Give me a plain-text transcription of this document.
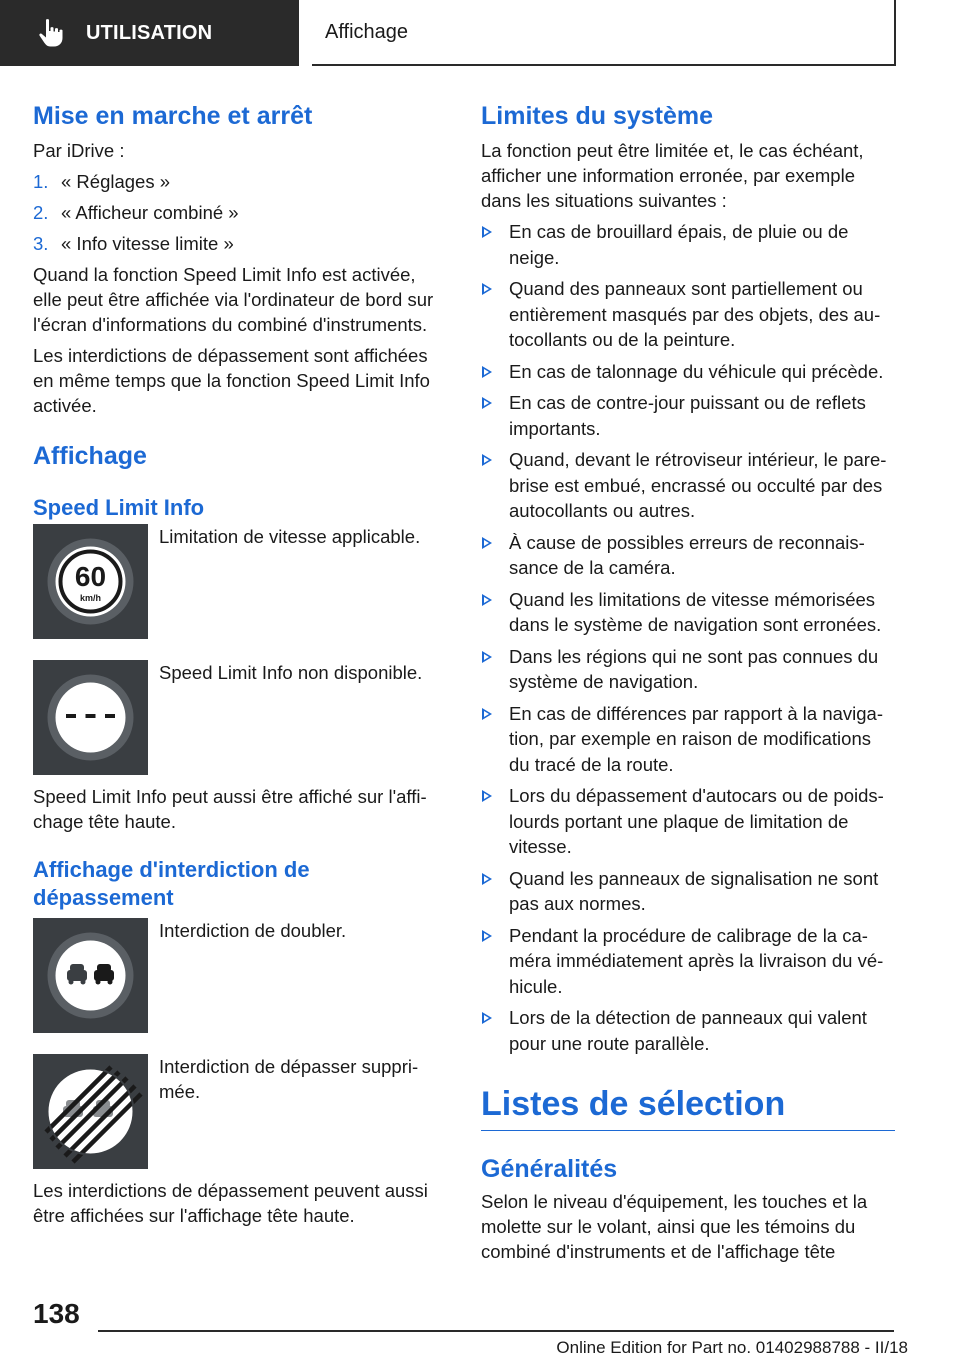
UTILISATION	Affichage
Mise en marche et arrêt

Par iDrive :

1. « Réglages »
2. « Afficheur combiné »
3. « Info vitesse limite »

Quand la fonction Speed Limit Info est activée, elle peut être affichée via l'ordinateur de bord sur l'écran d'informations du combiné d'instruments.

Les interdictions de dépassement sont affichées en même temps que la fonction Speed Limit Info activée.

Affichage
Speed Limit Info
60
km/h
Limitation de vitesse applicable.
Speed Limit Info non disponible.

Speed Limit Info peut aussi être affiché sur l'affichage tête haute.

Affichage d'interdiction de dépassement
Interdiction de doubler.
Interdiction de dépasser supprimée.

Les interdictions de dépassement peuvent aussi être affichées sur l'affichage tête haute.

Limites du système

La fonction peut être limitée et, le cas échéant, afficher une information erronée, par exemple dans les situations suivantes :

En cas de brouillard épais, de pluie ou de neige.
Quand des panneaux sont partiellement ou entièrement masqués par des objets, des autocollants ou de la peinture.
En cas de talonnage du véhicule qui précède.
En cas de contre-jour puissant ou de reflets importants.
Quand, devant le rétroviseur intérieur, le pare-brise est embué, encrassé ou occulté par des autocollants ou autres.
À cause de possibles erreurs de reconnaissance de la caméra.
Quand les limitations de vitesse mémorisées dans le système de navigation sont erronées.
Dans les régions qui ne sont pas connues du système de navigation.
En cas de différences par rapport à la navigation, par exemple en raison de modifications du tracé de la route.
Lors du dépassement d'autocars ou de poids-lourds portant une plaque de limitation de vitesse.
Quand les panneaux de signalisation ne sont pas aux normes.
Pendant la procédure de calibrage de la caméra immédiatement après la livraison du véhicule.
Lors de la détection de panneaux qui valent pour une route parallèle.
Listes de sélection
Généralités

Selon le niveau d'équipement, les touches et la molette sur le volant, ainsi que les témoins du combiné d'instruments et de l'affichage tête

138
Online Edition for Part no. 01402988788 - II/18
